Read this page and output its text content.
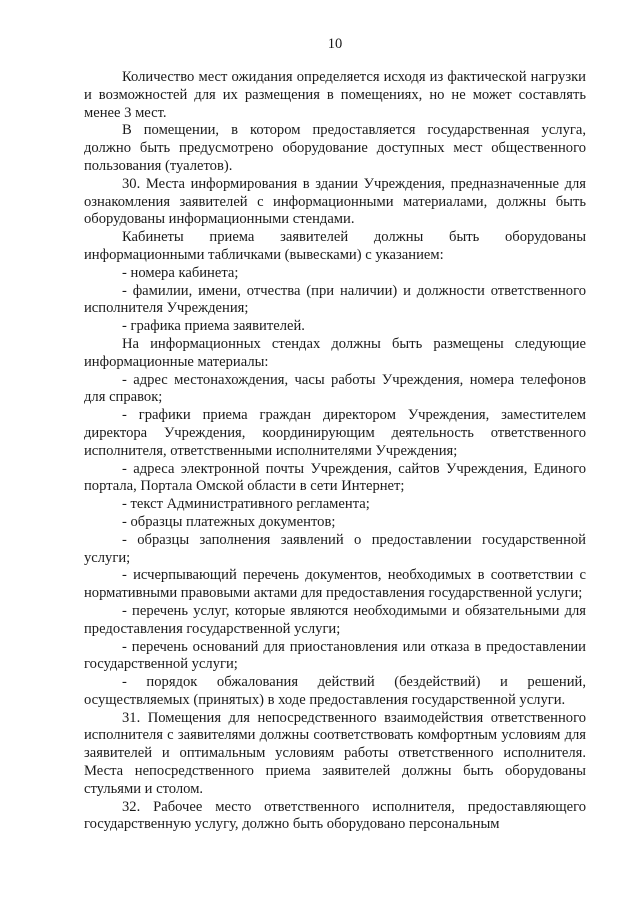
10

Количество мест ожидания определяется исходя из фактической нагрузки и возможностей для их размещения в помещениях, но не может составлять менее 3 мест.

В помещении, в котором предоставляется государственная услуга, должно быть предусмотрено оборудование доступных мест общественного пользования (туалетов).

30. Места информирования в здании Учреждения, предназначенные для ознакомления заявителей с информационными материалами, должны быть оборудованы информационными стендами.

Кабинеты приема заявителей должны быть оборудованы информационными табличками (вывесками) с указанием:

- номера кабинета;

- фамилии, имени, отчества (при наличии) и должности ответственного исполнителя Учреждения;

- графика приема заявителей.

На информационных стендах должны быть размещены следующие информационные материалы:

- адрес местонахождения, часы работы Учреждения, номера телефонов для справок;

- графики приема граждан директором Учреждения, заместителем директора Учреждения, координирующим деятельность ответственного исполнителя, ответственными исполнителями Учреждения;

- адреса электронной почты Учреждения, сайтов Учреждения, Единого портала, Портала Омской области в сети Интернет;

- текст Административного регламента;

- образцы платежных документов;

- образцы заполнения заявлений о предоставлении государственной услуги;

- исчерпывающий перечень документов, необходимых в соответствии с нормативными правовыми актами для предоставления государственной услуги;

- перечень услуг, которые являются необходимыми и обязательными для предоставления государственной услуги;

- перечень оснований для приостановления или отказа в предоставлении государственной услуги;

- порядок обжалования действий (бездействий) и решений, осуществляемых (принятых) в ходе предоставления государственной услуги.

31. Помещения для непосредственного взаимодействия ответственного исполнителя с заявителями должны соответствовать комфортным условиям для заявителей и оптимальным условиям работы ответственного исполнителя. Места непосредственного приема заявителей должны быть оборудованы стульями и столом.

32. Рабочее место ответственного исполнителя, предоставляющего государственную услугу, должно быть оборудовано персональным
